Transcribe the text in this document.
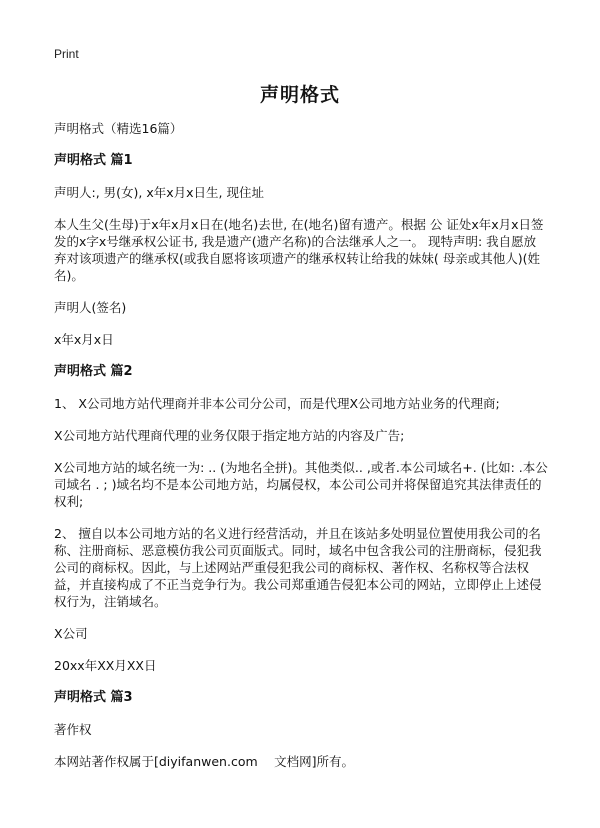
Print
声明格式

声明格式（精选16篇）

声明格式 篇1

声明人:, 男(女), x年x月x日生, 现住址

本人生父(生母)于x年x月x日在(地名)去世, 在(地名)留有遗产。根据 公 证处x年x月x日签发的x字x号继承权公证书, 我是遗产(遗产名称)的合法继承人之一。 现特声明: 我自愿放弃对该项遗产的继承权(或我自愿将该项遗产的继承权转让给我的妹妹( 母亲或其他人)(姓名)。

声明人(签名)

x年x月x日

声明格式 篇2

1、 X公司地方站代理商并非本公司分公司，而是代理X公司地方站业务的代理商;

X公司地方站代理商代理的业务仅限于指定地方站的内容及广告;

X公司地方站的域名统一为: .. (为地名全拼)。其他类似.. ,或者.本公司域名+. (比如: .本公司域名 . ; )域名均不是本公司地方站，均属侵权，本公司公司并将保留追究其法律责任的权利;

2、 擅自以本公司地方站的名义进行经营活动，并且在该站多处明显位置使用我公司的名称、注册商标、恶意模仿我公司页面版式。同时，域名中包含我公司的注册商标，侵犯我公司的商标权。因此，与上述网站严重侵犯我公司的商标权、著作权、名称权等合法权益，并直接构成了不正当竞争行为。我公司郑重通告侵犯本公司的网站，立即停止上述侵权行为，注销域名。

X公司

20xx年XX月XX日

声明格式 篇3

著作权

本网站著作权属于[diyifanwen.com　 文档网]所有。
